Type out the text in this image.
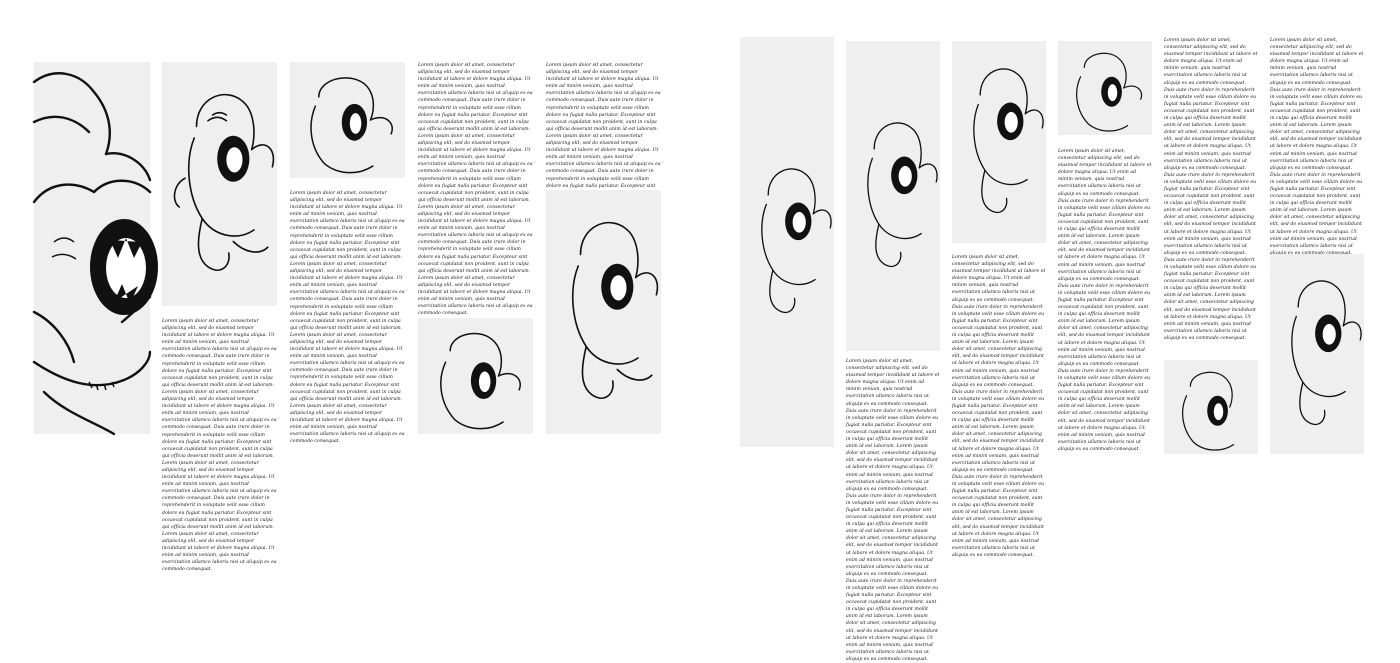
Lorem ipsum dolor sit amet, consectetur adipiscing elit, sed do eiusmod tempor incididunt ut labore et dolore magna aliqua. Ut enim ad minim veniam, quis nostrud exercitation ullamco laboris nisi ut aliquip ex ea commodo consequat. Duis aute irure dolor in reprehenderit in voluptate velit esse cillum dolore eu fugiat nulla pariatur. Excepteur sint occaecat cupidatat non proident, sunt in culpa qui officia deserunt mollit anim id est laborum. Lorem ipsum dolor sit amet, consectetur adipiscing elit, sed do eiusmod tempor incididunt ut labore et dolore magna aliqua. Ut enim ad minim veniam, quis nostrud exercitation ullamco laboris nisi ut aliquip ex ea commodo consequat. Duis aute irure dolor in reprehenderit in voluptate velit esse cillum dolore eu fugiat nulla pariatur. Excepteur sint occaecat cupidatat non proident, sunt in culpa qui officia deserunt mollit anim id est laborum. Lorem ipsum dolor sit amet, consectetur adipiscing elit, sed do eiusmod tempor incididunt ut labore et dolore magna aliqua. Ut enim ad minim veniam, quis nostrud exercitation ullamco laboris nisi ut aliquip ex ea commodo consequat. Duis aute irure dolor in reprehenderit in voluptate velit esse cillum dolore eu fugiat nulla pariatur. Excepteur sint occaecat cupidatat non proident, sunt in culpa qui officia deserunt mollit anim id est laborum. Lorem ipsum dolor sit amet, consectetur adipiscing elit, sed do eiusmod tempor incididunt ut labore et dolore magna aliqua. Ut enim ad minim veniam, quis nostrud exercitation ullamco laboris nisi ut aliquip ex ea commodo consequat.
Lorem ipsum dolor sit amet, consectetur adipiscing elit, sed do eiusmod tempor incididunt ut labore et dolore magna aliqua. Ut enim ad minim veniam, quis nostrud exercitation ullamco laboris nisi ut aliquip ex ea commodo consequat. Duis aute irure dolor in reprehenderit in voluptate velit esse cillum dolore eu fugiat nulla pariatur. Excepteur sint occaecat cupidatat non proident, sunt in culpa qui officia deserunt mollit anim id est laborum. Lorem ipsum dolor sit amet, consectetur adipiscing elit, sed do eiusmod tempor incididunt ut labore et dolore magna aliqua. Ut enim ad minim veniam, quis nostrud exercitation ullamco laboris nisi ut aliquip ex ea commodo consequat. Duis aute irure dolor in reprehenderit in voluptate velit esse cillum dolore eu fugiat nulla pariatur. Excepteur sint occaecat cupidatat non proident, sunt in culpa qui officia deserunt mollit anim id est laborum. Lorem ipsum dolor sit amet, consectetur adipiscing elit, sed do eiusmod tempor incididunt ut labore et dolore magna aliqua. Ut enim ad minim veniam, quis nostrud exercitation ullamco laboris nisi ut aliquip ex ea commodo consequat. Duis aute irure dolor in reprehenderit in voluptate velit esse cillum dolore eu fugiat nulla pariatur. Excepteur sint occaecat cupidatat non proident, sunt in culpa qui officia deserunt mollit anim id est laborum. Lorem ipsum dolor sit amet, consectetur adipiscing elit, sed do eiusmod tempor incididunt ut labore et dolore magna aliqua. Ut enim ad minim veniam, quis nostrud exercitation ullamco laboris nisi ut aliquip ex ea commodo consequat.
Lorem ipsum dolor sit amet, consectetur adipiscing elit, sed do eiusmod tempor incididunt ut labore et dolore magna aliqua. Ut enim ad minim veniam, quis nostrud exercitation ullamco laboris nisi ut aliquip ex ea commodo consequat. Duis aute irure dolor in reprehenderit in voluptate velit esse cillum dolore eu fugiat nulla pariatur. Excepteur sint occaecat cupidatat non proident, sunt in culpa qui officia deserunt mollit anim id est laborum. Lorem ipsum dolor sit amet, consectetur adipiscing elit, sed do eiusmod tempor incididunt ut labore et dolore magna aliqua. Ut enim ad minim veniam, quis nostrud exercitation ullamco laboris nisi ut aliquip ex ea commodo consequat. Duis aute irure dolor in reprehenderit in voluptate velit esse cillum dolore eu fugiat nulla pariatur. Excepteur sint occaecat cupidatat non proident, sunt in culpa qui officia deserunt mollit anim id est laborum. Lorem ipsum dolor sit amet, consectetur adipiscing elit, sed do eiusmod tempor incididunt ut labore et dolore magna aliqua. Ut enim ad minim veniam, quis nostrud exercitation ullamco laboris nisi ut aliquip ex ea commodo consequat. Duis aute irure dolor in reprehenderit in voluptate velit esse cillum dolore eu fugiat nulla pariatur. Excepteur sint occaecat cupidatat non proident, sunt in culpa qui officia deserunt mollit anim id est laborum. Lorem ipsum dolor sit amet, consectetur adipiscing elit, sed do eiusmod tempor incididunt ut labore et dolore magna aliqua. Ut enim ad minim veniam, quis nostrud exercitation ullamco laboris nisi ut aliquip ex ea commodo consequat.
Lorem ipsum dolor sit amet, consectetur adipiscing elit, sed do eiusmod tempor incididunt ut labore et dolore magna aliqua. Ut enim ad minim veniam, quis nostrud exercitation ullamco laboris nisi ut aliquip ex ea commodo consequat. Duis aute irure dolor in reprehenderit in voluptate velit esse cillum dolore eu fugiat nulla pariatur. Excepteur sint occaecat cupidatat non proident, sunt in culpa qui officia deserunt mollit anim id est laborum. Lorem ipsum dolor sit amet, consectetur adipiscing elit, sed do eiusmod tempor incididunt ut labore et dolore magna aliqua. Ut enim ad minim veniam, quis nostrud exercitation ullamco laboris nisi ut aliquip ex ea commodo consequat. Duis aute irure dolor in reprehenderit in voluptate velit esse cillum dolore eu fugiat nulla pariatur. Excepteur sint
Lorem ipsum dolor sit amet, consectetur adipiscing elit, sed do eiusmod tempor incididunt ut labore et dolore magna aliqua. Ut enim ad minim veniam, quis nostrud exercitation ullamco laboris nisi ut aliquip ex ea commodo consequat. Duis aute irure dolor in reprehenderit in voluptate velit esse cillum dolore eu fugiat nulla pariatur. Excepteur sint occaecat cupidatat non proident, sunt in culpa qui officia deserunt mollit anim id est laborum. Lorem ipsum dolor sit amet, consectetur adipiscing elit, sed do eiusmod tempor incididunt ut labore et dolore magna aliqua. Ut enim ad minim veniam, quis nostrud exercitation ullamco laboris nisi ut aliquip ex ea commodo consequat. Duis aute irure dolor in reprehenderit in voluptate velit esse cillum dolore eu fugiat nulla pariatur. Excepteur sint occaecat cupidatat non proident, sunt in culpa qui officia deserunt mollit anim id est laborum. Lorem ipsum dolor sit amet, consectetur adipiscing elit, sed do eiusmod tempor incididunt ut labore et dolore magna aliqua. Ut enim ad minim veniam, quis nostrud exercitation ullamco laboris nisi ut aliquip ex ea commodo consequat. Duis aute irure dolor in reprehenderit in voluptate velit esse cillum dolore eu fugiat nulla pariatur. Excepteur sint occaecat cupidatat non proident, sunt in culpa qui officia deserunt mollit anim id est laborum. Lorem ipsum dolor sit amet, consectetur adipiscing elit, sed do eiusmod tempor incididunt ut labore et dolore magna aliqua. Ut enim ad minim veniam, quis nostrud exercitation ullamco laboris nisi ut aliquip ex ea commodo consequat.
Lorem ipsum dolor sit amet, consectetur adipiscing elit, sed do eiusmod tempor incididunt ut labore et dolore magna aliqua. Ut enim ad minim veniam, quis nostrud exercitation ullamco laboris nisi ut aliquip ex ea commodo consequat. Duis aute irure dolor in reprehenderit in voluptate velit esse cillum dolore eu fugiat nulla pariatur. Excepteur sint occaecat cupidatat non proident, sunt in culpa qui officia deserunt mollit anim id est laborum. Lorem ipsum dolor sit amet, consectetur adipiscing elit, sed do eiusmod tempor incididunt ut labore et dolore magna aliqua. Ut enim ad minim veniam, quis nostrud exercitation ullamco laboris nisi ut aliquip ex ea commodo consequat. Duis aute irure dolor in reprehenderit in voluptate velit esse cillum dolore eu fugiat nulla pariatur. Excepteur sint occaecat cupidatat non proident, sunt in culpa qui officia deserunt mollit anim id est laborum. Lorem ipsum dolor sit amet, consectetur adipiscing elit, sed do eiusmod tempor incididunt ut labore et dolore magna aliqua. Ut enim ad minim veniam, quis nostrud exercitation ullamco laboris nisi ut aliquip ex ea commodo consequat. Duis aute irure dolor in reprehenderit in voluptate velit esse cillum dolore eu fugiat nulla pariatur. Excepteur sint occaecat cupidatat non proident, sunt in culpa qui officia deserunt mollit anim id est laborum. Lorem ipsum dolor sit amet, consectetur adipiscing elit, sed do eiusmod tempor incididunt ut labore et dolore magna aliqua. Ut enim ad minim veniam, quis nostrud exercitation ullamco laboris nisi ut aliquip ex ea commodo consequat.
Lorem ipsum dolor sit amet, consectetur adipiscing elit, sed do eiusmod tempor incididunt ut labore et dolore magna aliqua. Ut enim ad minim veniam, quis nostrud exercitation ullamco laboris nisi ut aliquip ex ea commodo consequat. Duis aute irure dolor in reprehenderit in voluptate velit esse cillum dolore eu fugiat nulla pariatur. Excepteur sint occaecat cupidatat non proident, sunt in culpa qui officia deserunt mollit anim id est laborum. Lorem ipsum dolor sit amet, consectetur adipiscing elit, sed do eiusmod tempor incididunt ut labore et dolore magna aliqua. Ut enim ad minim veniam, quis nostrud exercitation ullamco laboris nisi ut aliquip ex ea commodo consequat. Duis aute irure dolor in reprehenderit in voluptate velit esse cillum dolore eu fugiat nulla pariatur. Excepteur sint occaecat cupidatat non proident, sunt in culpa qui officia deserunt mollit anim id est laborum. Lorem ipsum dolor sit amet, consectetur adipiscing elit, sed do eiusmod tempor incididunt ut labore et dolore magna aliqua. Ut enim ad minim veniam, quis nostrud exercitation ullamco laboris nisi ut aliquip ex ea commodo consequat. Duis aute irure dolor in reprehenderit in voluptate velit esse cillum dolore eu fugiat nulla pariatur. Excepteur sint occaecat cupidatat non proident, sunt in culpa qui officia deserunt mollit anim id est laborum. Lorem ipsum dolor sit amet, consectetur adipiscing elit, sed do eiusmod tempor incididunt ut labore et dolore magna aliqua. Ut enim ad minim veniam, quis nostrud exercitation ullamco laboris nisi ut aliquip ex ea commodo consequat.
Lorem ipsum dolor sit amet, consectetur adipiscing elit, sed do eiusmod tempor incididunt ut labore et dolore magna aliqua. Ut enim ad minim veniam, quis nostrud exercitation ullamco laboris nisi ut aliquip ex ea commodo consequat. Duis aute irure dolor in reprehenderit in voluptate velit esse cillum dolore eu fugiat nulla pariatur. Excepteur sint occaecat cupidatat non proident, sunt in culpa qui officia deserunt mollit anim id est laborum. Lorem ipsum dolor sit amet, consectetur adipiscing elit, sed do eiusmod tempor incididunt ut labore et dolore magna aliqua. Ut enim ad minim veniam, quis nostrud exercitation ullamco laboris nisi ut aliquip ex ea commodo consequat. Duis aute irure dolor in reprehenderit in voluptate velit esse cillum dolore eu fugiat nulla pariatur. Excepteur sint occaecat cupidatat non proident, sunt in culpa qui officia deserunt mollit anim id est laborum. Lorem ipsum dolor sit amet, consectetur adipiscing elit, sed do eiusmod tempor incididunt ut labore et dolore magna aliqua. Ut enim ad minim veniam, quis nostrud exercitation ullamco laboris nisi ut aliquip ex ea commodo consequat. Duis aute irure dolor in reprehenderit in voluptate velit esse cillum dolore eu fugiat nulla pariatur. Excepteur sint occaecat cupidatat non proident, sunt in culpa qui officia deserunt mollit anim id est laborum. Lorem ipsum dolor sit amet, consectetur adipiscing elit, sed do eiusmod tempor incididunt ut labore et dolore magna aliqua. Ut enim ad minim veniam, quis nostrud exercitation ullamco laboris nisi ut aliquip ex ea commodo consequat.
Lorem ipsum dolor sit amet, consectetur adipiscing elit, sed do eiusmod tempor incididunt ut labore et dolore magna aliqua. Ut enim ad minim veniam, quis nostrud exercitation ullamco laboris nisi ut aliquip ex ea commodo consequat. Duis aute irure dolor in reprehenderit in voluptate velit esse cillum dolore eu fugiat nulla pariatur. Excepteur sint occaecat cupidatat non proident, sunt in culpa qui officia deserunt mollit anim id est laborum. Lorem ipsum dolor sit amet, consectetur adipiscing elit, sed do eiusmod tempor incididunt ut labore et dolore magna aliqua. Ut enim ad minim veniam, quis nostrud exercitation ullamco laboris nisi ut aliquip ex ea commodo consequat. Duis aute irure dolor in reprehenderit in voluptate velit esse cillum dolore eu fugiat nulla pariatur. Excepteur sint occaecat cupidatat non proident, sunt in culpa qui officia deserunt mollit anim id est laborum. Lorem ipsum dolor sit amet, consectetur adipiscing elit, sed do eiusmod tempor incididunt ut labore et dolore magna aliqua. Ut enim ad minim veniam, quis nostrud exercitation ullamco laboris nisi ut
